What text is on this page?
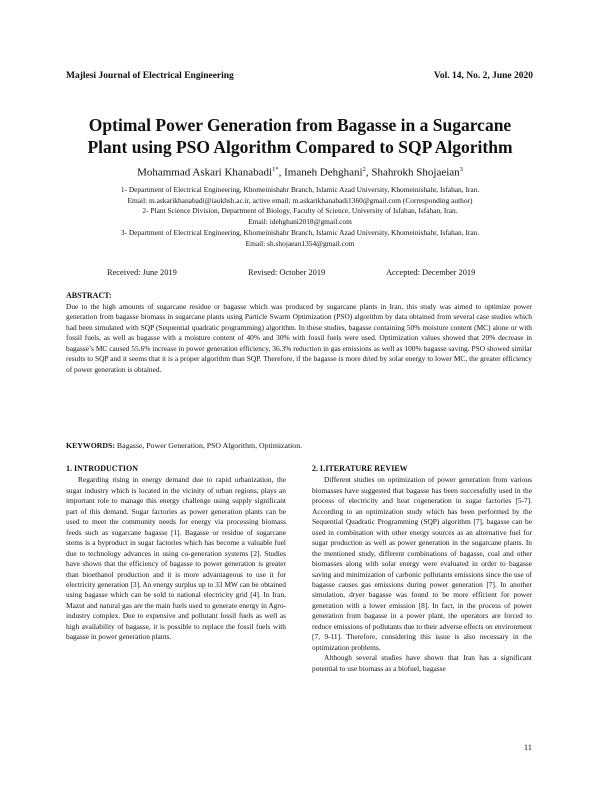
Majlesi Journal of Electrical Engineering	Vol. 14, No. 2, June 2020
Optimal Power Generation from Bagasse in a Sugarcane
Plant using PSO Algorithm Compared to SQP Algorithm
Mohammad Askari Khanabadi$^{1*}$, Imaneh Dehghani$^2$, Shahrokh Shojaeian$^3$
1- Department of Electrical Engineering, Khomeinishahr Branch, Islamic Azad University, Khomeinishahr, Isfahan, Iran.
Email: m.askarikhanabadi@iaukhsh.ac.ir, active email: m.askarikhanabadi1360@gmail.com (Corresponding author)
2- Plant Science Division, Department of Biology, Faculty of Science, University of Isfahan, Isfahan, Iran.
Email: idehghani2018@gmail.com
3- Department of Electrical Engineering, Khomeinishahr Branch, Islamic Azad University, Khomeinishahr, Isfahan, Iran.
Email: sh.shojaean1354@gmail.com
Received: June 2019	Revised: October 2019	Accepted: December 2019
ABSTRACT:
Due to the high amounts of sugarcane residue or bagasse which was produced by sugarcane plants in Iran, this study was aimed to optimize power generation from bagasse biomass in sugarcane plants using Particle Swarm Optimization (PSO) algorithm by data obtained from several case studies which had been simulated with SQP (Sequential quadratic programming) algorithm. In these studies, bagasse containing 50% moisture content (MC) alone or with fossil fuels, as well as bagasse with a moisture content of 40% and 30% with fossil fuels were used. Optimization values showed that 20% decrease in bagasse’s MC caused 55.6% increase in power generation efficiency, 36.3% reduction in gas emissions as well as 100% bagasse saving. PSO showed similar results to SQP and it seems that it is a proper algorithm than SQP. Therefore, if the bagasse is more dried by solar energy to lower MC, the greater efficiency of power generation is obtained.
KEYWORDS: Bagasse, Power Generation, PSO Algorithm, Optimization.
1. INTRODUCTION

Regarding rising in energy demand due to rapid urbanization, the sugar industry which is located in the vicinity of urban regions, plays an important role to manage this energy challenge using supply significant part of this demand. Sugar factories as power generation plants can be used to meet the community needs for energy via processing biomass feeds such as sugarcane bagasse [1]. Bagasse or residue of sugarcane stems is a byproduct in sugar factories which has become a valuable fuel due to technology advances in using co-generation systems [2]. Studies have shown that the efficiency of bagasse to power generation is greater than bioethanol production and it is more advantageous to use it for electricity generation [3]. An energy surplus up to 33 MW can be obtained using bagasse which can be sold to national electricity grid [4]. In Iran, Mazut and natural gas are the main fuels used to generate energy in Agro-industry complex. Due to expensive and pollutant fossil fuels as well as high availability of bagasse, it is possible to replace the fossil fuels with bagasse in power generation plants.

2. LITERATURE REVIEW

Different studies on optimization of power generation from various biomasses have suggested that bagasse has been successfully used in the process of electricity and heat cogeneration in sugar factories [5-7]. According to an optimization study which has been performed by the Sequential Quadratic Programming (SQP) algorithm [7], bagasse can be used in combination with other energy sources as an alternative fuel for sugar production as well as power generation in the sugarcane plants. In the mentioned study, different combinations of bagasse, coal and other biomasses along with solar energy were evaluated in order to bagasse saving and minimization of carbonic pollutants emissions since the use of bagasse causes gas emissions during power generation [7]. In another simulation, dryer bagasse was found to be more efficient for power generation with a lower emission [8]. In fact, in the process of power generation from bagasse in a power plant, the operators are forced to reduce emissions of pollutants due to their adverse effects on environment [7, 9-11]. Therefore, considering this issue is also necessary in the optimization problems.

Although several studies have shown that Iran has a significant potential to use biomass as a biofuel, bagasse

11
